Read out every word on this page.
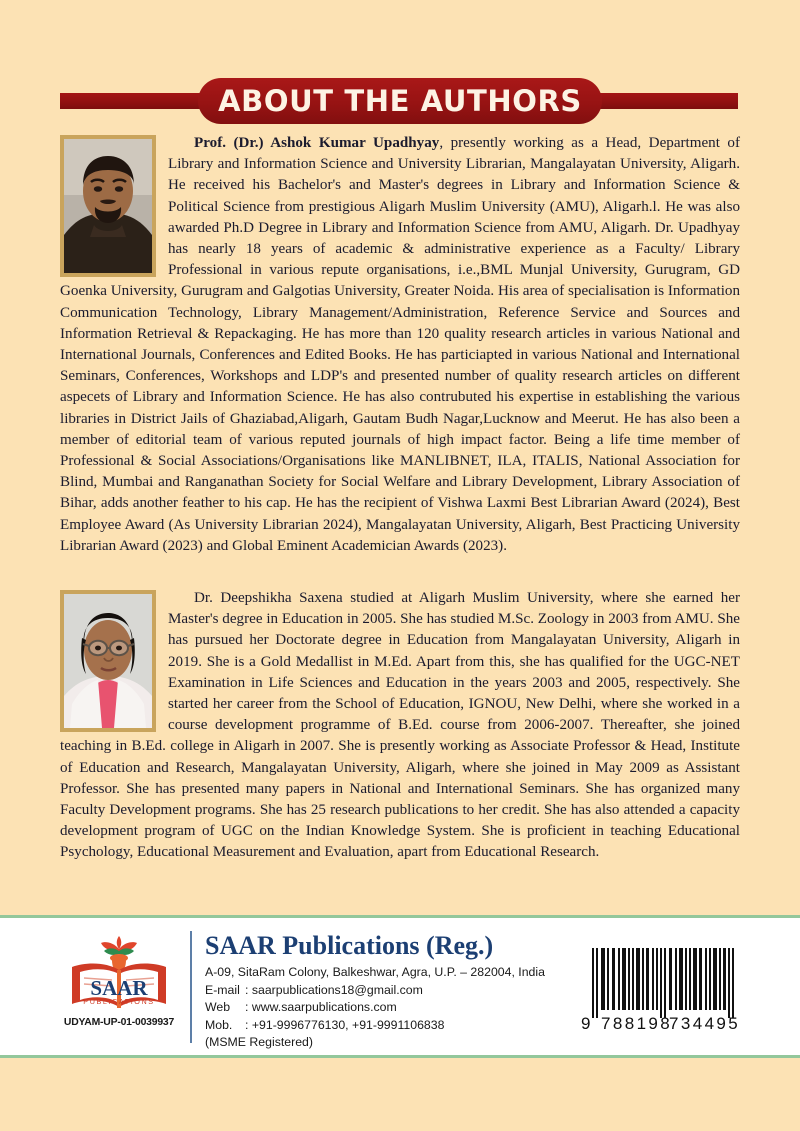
ABOUT THE AUTHORS
Prof. (Dr.) Ashok Kumar Upadhyay, presently working as a Head, Department of Library and Information Science and University Librarian, Mangalayatan University, Aligarh. He received his Bachelor's and Master's degrees in Library and Information Science & Political Science from prestigious Aligarh Muslim University (AMU), Aligarh.l. He was also awarded Ph.D Degree in Library and Information Science from AMU, Aligarh. Dr. Upadhyay has nearly 18 years of academic & administrative experience as a Faculty/ Library Professional in various repute organisations, i.e.,BML Munjal University, Gurugram, GD Goenka University, Gurugram and Galgotias University, Greater Noida. His area of specialisation is Information Communication Technology, Library Management/Administration, Reference Service and Sources and Information Retrieval & Repackaging. He has more than 120 quality research articles in various National and International Journals, Conferences and Edited Books. He has particiapted in various National and International Seminars, Conferences, Workshops and LDP's and presented number of quality research articles on different aspecets of Library and Information Science. He has also contrubuted his expertise in establishing the various libraries in District Jails of Ghaziabad,Aligarh, Gautam Budh Nagar,Lucknow and Meerut. He has also been a member of editorial team of various reputed journals of high impact factor. Being a life time member of Professional & Social Associations/Organisations like MANLIBNET, ILA, ITALIS, National Association for Blind, Mumbai and Ranganathan Society for Social Welfare and Library Development, Library Association of Bihar, adds another feather to his cap. He has the recipient of Vishwa Laxmi Best Librarian Award (2024), Best Employee Award (As University Librarian 2024), Mangalayatan University, Aligarh, Best Practicing University Librarian Award (2023) and Global Eminent Academician Awards (2023).
Dr. Deepshikha Saxena studied at Aligarh Muslim University, where she earned her Master's degree in Education in 2005. She has studied M.Sc. Zoology in 2003 from AMU. She has pursued her Doctorate degree in Education from Mangalayatan University, Aligarh in 2019. She is a Gold Medallist in M.Ed. Apart from this, she has qualified for the UGC-NET Examination in Life Sciences and Education in the years 2003 and 2005, respectively. She started her career from the School of Education, IGNOU, New Delhi, where she worked in a course development programme of B.Ed. course from 2006-2007. Thereafter, she joined teaching in B.Ed. college in Aligarh in 2007. She is presently working as Associate Professor & Head, Institute of Education and Research, Mangalayatan University, Aligarh, where she joined in May 2009 as Assistant Professor. She has presented many papers in National and International Seminars. She has organized many Faculty Development programs. She has 25 research publications to her credit. She has also attended a capacity development program of UGC on the Indian Knowledge System. She is proficient in teaching Educational Psychology, Educational Measurement and Evaluation, apart from Educational Research.
SAAR
PUBLICATIONS
UDYAM-UP-01-0039937
SAAR Publications (Reg.)
A-09, SitaRam Colony, Balkeshwar, Agra, U.P. – 282004, India
E-mail : saarpublications18@gmail.com
Web : www.saarpublications.com
Mob. : +91-9996776130, +91-9991106838
(MSME Registered)
9 788198
734495
